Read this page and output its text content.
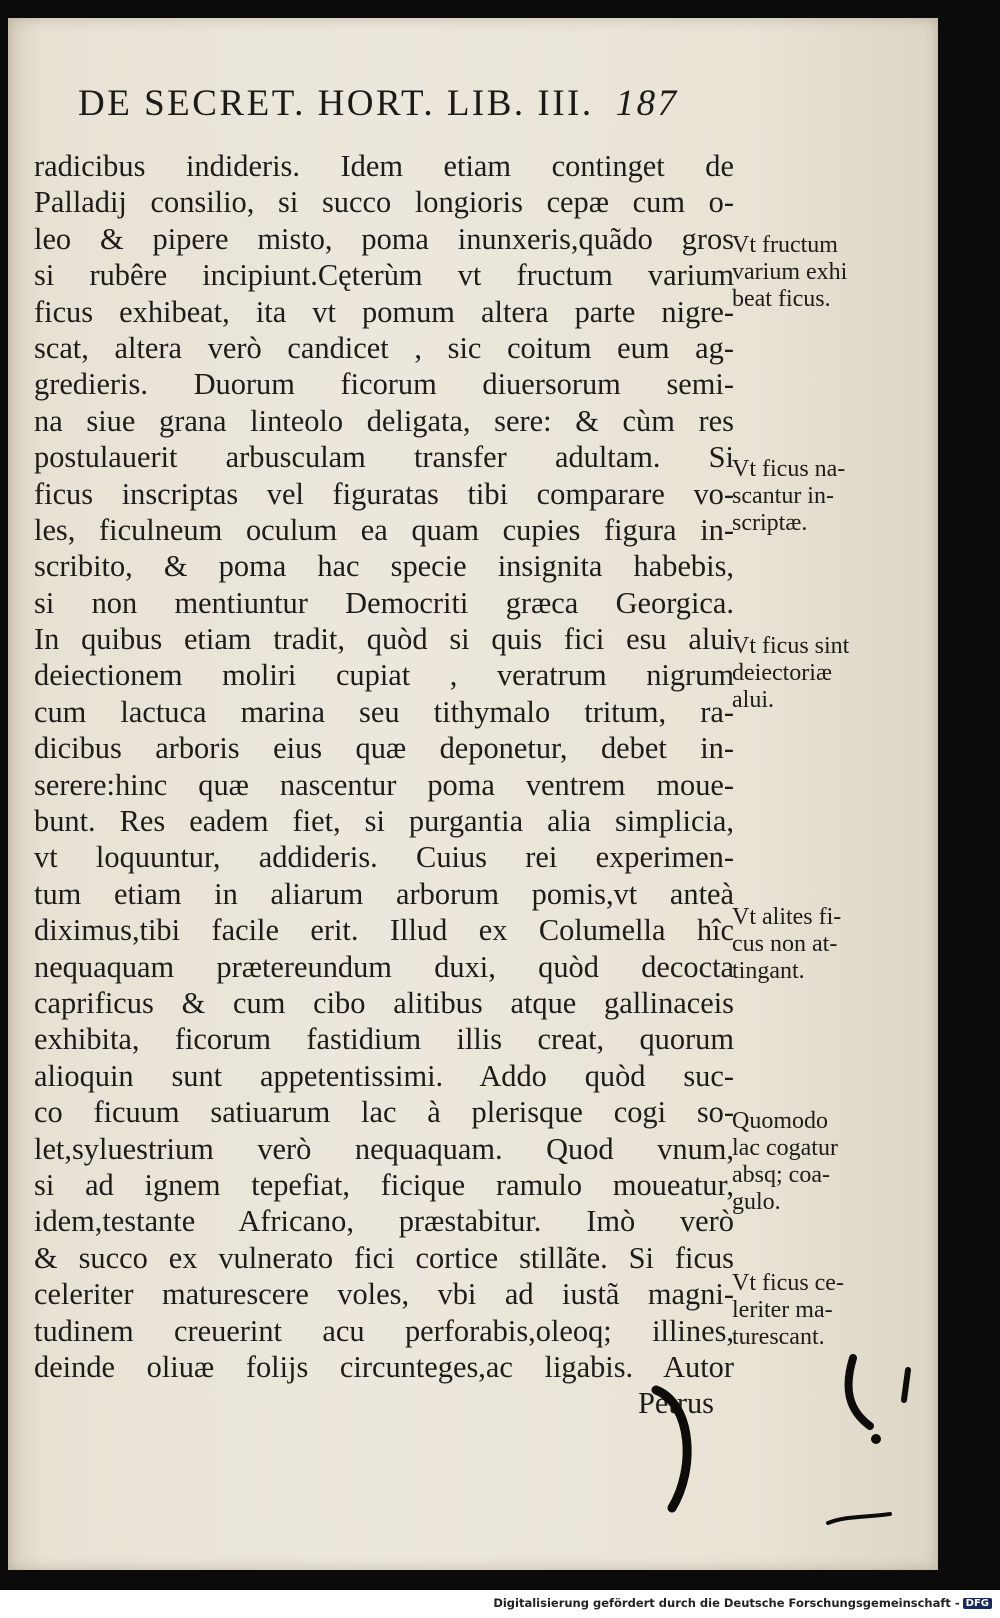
DE SECRET. HORT. LIB. III. 187
radicibus indideris. Idem etiam continget de
Palladij consilio, si succo longioris cepæ cum o-
leo & pipere misto, poma inunxeris,quãdo gros
si rubêre incipiunt.Cęterùm vt fructum varium
ficus exhibeat, ita vt pomum altera parte nigre-
scat, altera verò candicet , sic coitum eum ag-
gredieris. Duorum ficorum diuersorum semi-
na siue grana linteolo deligata, sere: & cùm res
postulauerit arbusculam transfer adultam. Si
ficus inscriptas vel figuratas tibi comparare vo-
les, ficulneum oculum ea quam cupies figura in-
scribito, & poma hac specie insignita habebis,
si non mentiuntur Democriti græca Georgica.
In quibus etiam tradit, quòd si quis fici esu alui
deiectionem moliri cupiat , veratrum nigrum
cum lactuca marina seu tithymalo tritum, ra-
dicibus arboris eius quæ deponetur, debet in-
serere:hinc quæ nascentur poma ventrem moue-
bunt. Res eadem fiet, si purgantia alia simplicia,
vt loquuntur, addideris. Cuius rei experimen-
tum etiam in aliarum arborum pomis,vt anteà
diximus,tibi facile erit. Illud ex Columella hîc
nequaquam prætereundum duxi, quòd decocta
caprificus & cum cibo alitibus atque gallinaceis
exhibita, ficorum fastidium illis creat, quorum
alioquin sunt appetentissimi. Addo quòd suc-
co ficuum satiuarum lac à plerisque cogi so-
let,syluestrium verò nequaquam. Quod vnum,
si ad ignem tepefiat, ficique ramulo moueatur,
idem,testante Africano, præstabitur. Imò verò
& succo ex vulnerato fici cortice stillãte. Si ficus
celeriter maturescere voles, vbi ad iustã magni-
tudinem creuerint acu perforabis,oleoq; illines,
deinde oliuæ folijs circunteges,ac ligabis. Autor
Petrus
Vt fructum
varium exhi
beat ficus.
Vt ficus na-
scantur in-
scriptæ.
Vt ficus sint
deiectoriæ
alui.
Vt alites fi-
cus non at-
tingant.
Quomodo
lac cogatur
absq; coa-
gulo.
Vt ficus ce-
leriter ma-
turescant.
Digitalisierung gefördert durch die Deutsche Forschungsgemeinschaft - DFG
